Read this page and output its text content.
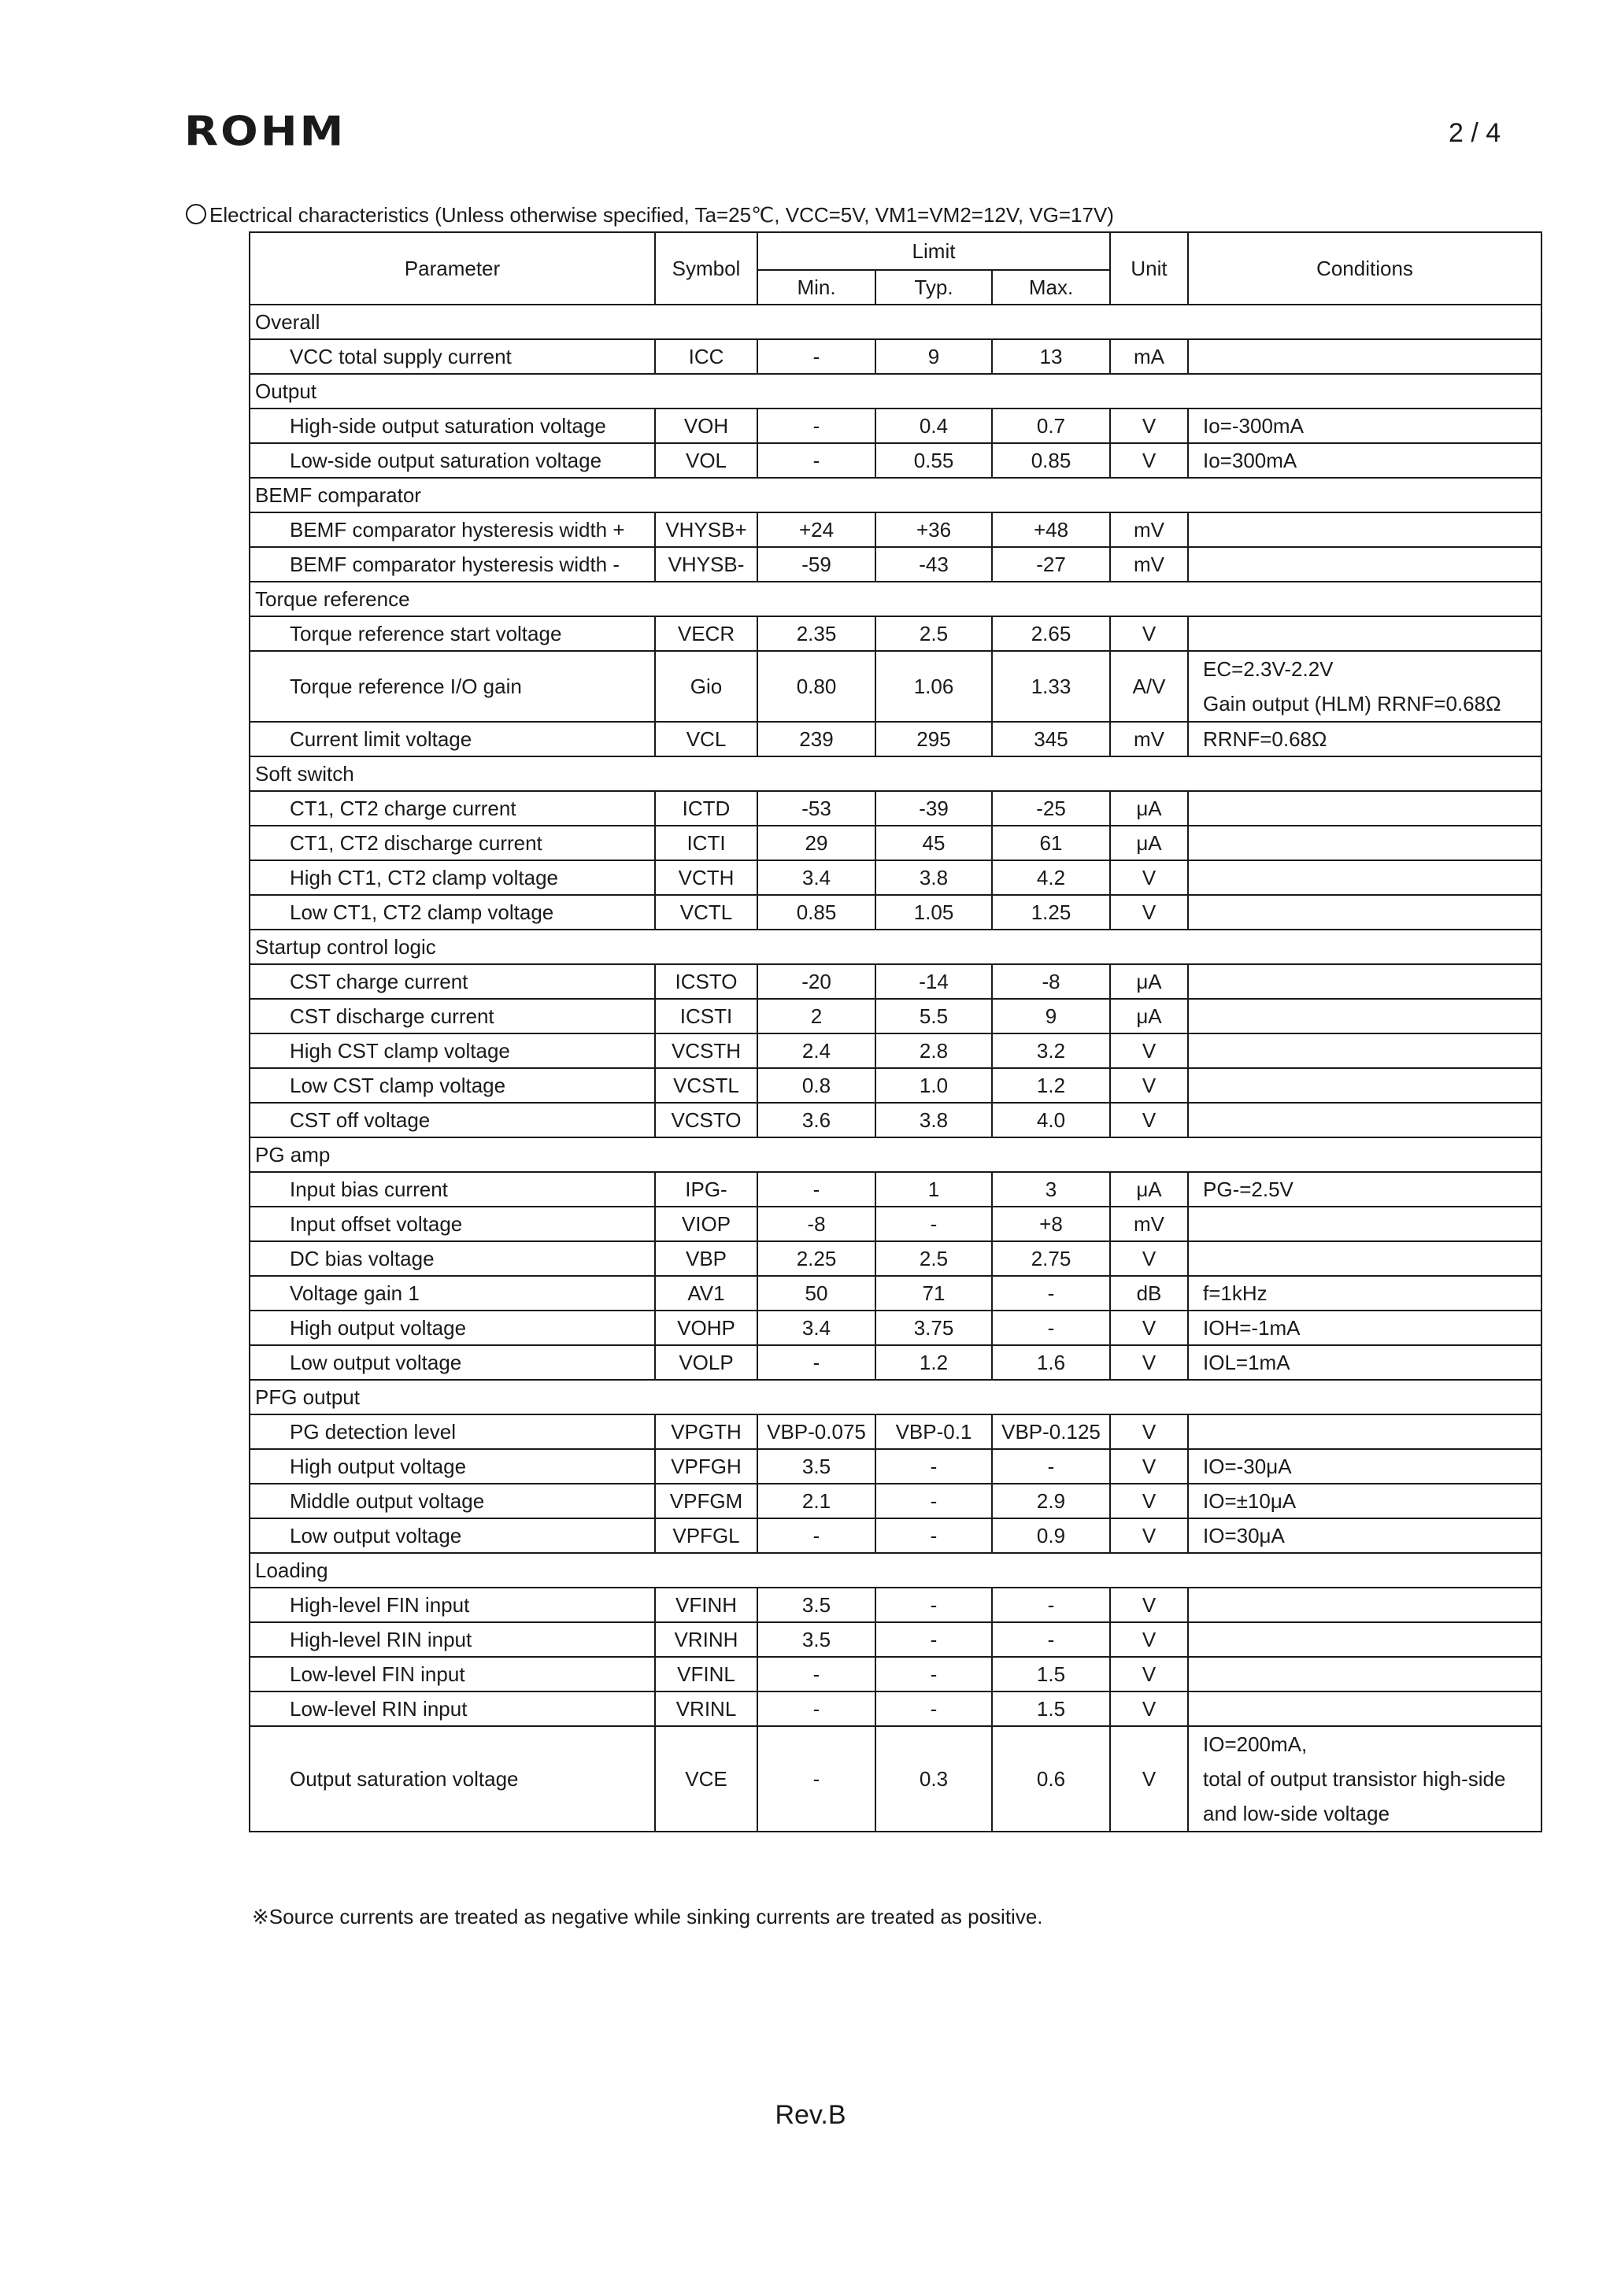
ROHM	2 / 4
Electrical characteristics (Unless otherwise specified, Ta=25℃, VCC=5V, VM1=VM2=12V, VG=17V)
Parameter	Symbol	Limit			Unit	Conditions
		Min.	Typ.	Max.		
Overall						
VCC total supply current	ICC	-	9	13	mA	
Output						
High-side output saturation voltage	VOH	-	0.4	0.7	V	Io=-300mA
Low-side output saturation voltage	VOL	-	0.55	0.85	V	Io=300mA
BEMF comparator						
BEMF comparator hysteresis width +	VHYSB+	+24	+36	+48	mV	
BEMF comparator hysteresis width -	VHYSB-	-59	-43	-27	mV	
Torque reference						
Torque reference start voltage	VECR	2.35	2.5	2.65	V	
Torque reference I/O gain	Gio	0.80	1.06	1.33	A/V	EC=2.3V-2.2V
Gain output (HLM) RRNF=0.68Ω

Current limit voltage	VCL	239	295	345	mV	RRNF=0.68Ω
Soft switch						
CT1, CT2 charge current	ICTD	-53	-39	-25	μA	
CT1, CT2 discharge current	ICTI	29	45	61	μA	
High CT1, CT2 clamp voltage	VCTH	3.4	3.8	4.2	V	
Low CT1, CT2 clamp voltage	VCTL	0.85	1.05	1.25	V	
Startup control logic						
CST charge current	ICSTO	-20	-14	-8	μA	
CST discharge current	ICSTI	2	5.5	9	μA	
High CST clamp voltage	VCSTH	2.4	2.8	3.2	V	
Low CST clamp voltage	VCSTL	0.8	1.0	1.2	V	
CST off voltage	VCSTO	3.6	3.8	4.0	V	
PG amp						
Input bias current	IPG-	-	1	3	μA	PG-=2.5V
Input offset voltage	VIOP	-8	-	+8	mV	
DC bias voltage	VBP	2.25	2.5	2.75	V	
Voltage gain 1	AV1	50	71	-	dB	f=1kHz
High output voltage	VOHP	3.4	3.75	-	V	IOH=-1mA
Low output voltage	VOLP	-	1.2	1.6	V	IOL=1mA
PFG output						
PG detection level	VPGTH	VBP-0.075	VBP-0.1	VBP-0.125	V	
High output voltage	VPFGH	3.5	-	-	V	IO=-30μA
Middle output voltage	VPFGM	2.1	-	2.9	V	IO=±10μA
Low output voltage	VPFGL	-	-	0.9	V	IO=30μA
Loading						
High-level FIN input	VFINH	3.5	-	-	V	
High-level RIN input	VRINH	3.5	-	-	V	
Low-level FIN input	VFINL	-	-	1.5	V	
Low-level RIN input	VRINL	-	-	1.5	V	
Output saturation voltage	VCE	-	0.3	0.6	V	IO=200mA,
total of output transistor high-side
and low-side voltage
※Source currents are treated as negative while sinking currents are treated as positive.
Rev.B
